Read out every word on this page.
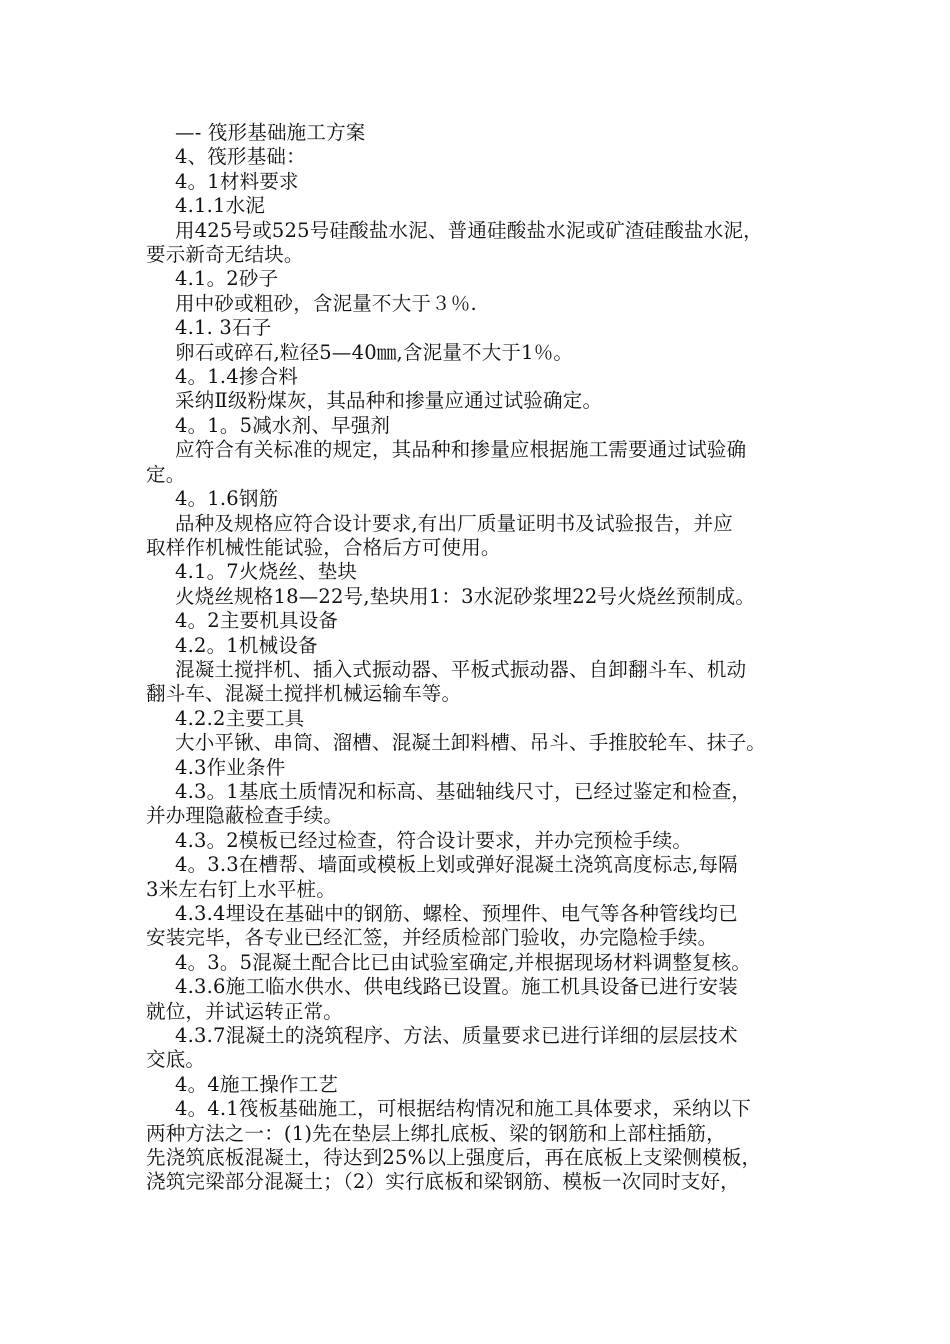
—- 筏形基础施工方案
4、筏形基础：
4。1材料要求
4.1.1水泥
用425号或525号硅酸盐水泥、普通硅酸盐水泥或矿渣硅酸盐水泥，
要示新奇无结块。
4.1。2砂子
用中砂或粗砂，含泥量不大于３％.
4.1. 3石子
卵石或碎石,粒径5—40㎜,含泥量不大于1％。
4。1.4掺合料
采纳Ⅱ级粉煤灰，其品种和掺量应通过试验确定。
4。1。5减水剂、早强剂
应符合有关标准的规定，其品种和掺量应根据施工需要通过试验确
定。
4。1.6钢筋
品种及规格应符合设计要求,有出厂质量证明书及试验报告，并应
取样作机械性能试验，合格后方可使用。
4.1。7火烧丝、垫块
火烧丝规格18—22号,垫块用1：3水泥砂浆埋22号火烧丝预制成。
4。2主要机具设备
4.2。1机械设备
混凝土搅拌机、插入式振动器、平板式振动器、自卸翻斗车、机动
翻斗车、混凝土搅拌机械运输车等。
4.2.2主要工具
大小平锹、串筒、溜槽、混凝土卸料槽、吊斗、手推胶轮车、抹子。
4.3作业条件
4.3。1基底土质情况和标高、基础轴线尺寸，已经过鉴定和检查，
并办理隐蔽检查手续。
4.3。2模板已经过检查，符合设计要求，并办完预检手续。
4。3.3在槽帮、墙面或模板上划或弹好混凝土浇筑高度标志,每隔
3米左右钉上水平桩。
4.3.4埋设在基础中的钢筋、螺栓、预埋件、电气等各种管线均已
安装完毕，各专业已经汇签，并经质检部门验收，办完隐检手续。
4。3。5混凝土配合比已由试验室确定,并根据现场材料调整复核。
4.3.6施工临水供水、供电线路已设置。施工机具设备已进行安装
就位，并试运转正常。
4.3.7混凝土的浇筑程序、方法、质量要求已进行详细的层层技术
交底。
4。4施工操作工艺
4。4.1筏板基础施工，可根据结构情况和施工具体要求，采纳以下
两种方法之一：(1)先在垫层上绑扎底板、梁的钢筋和上部柱插筋，
先浇筑底板混凝土，待达到25%以上强度后，再在底板上支梁侧模板，
浇筑完梁部分混凝土；（2）实行底板和梁钢筋、模板一次同时支好，
